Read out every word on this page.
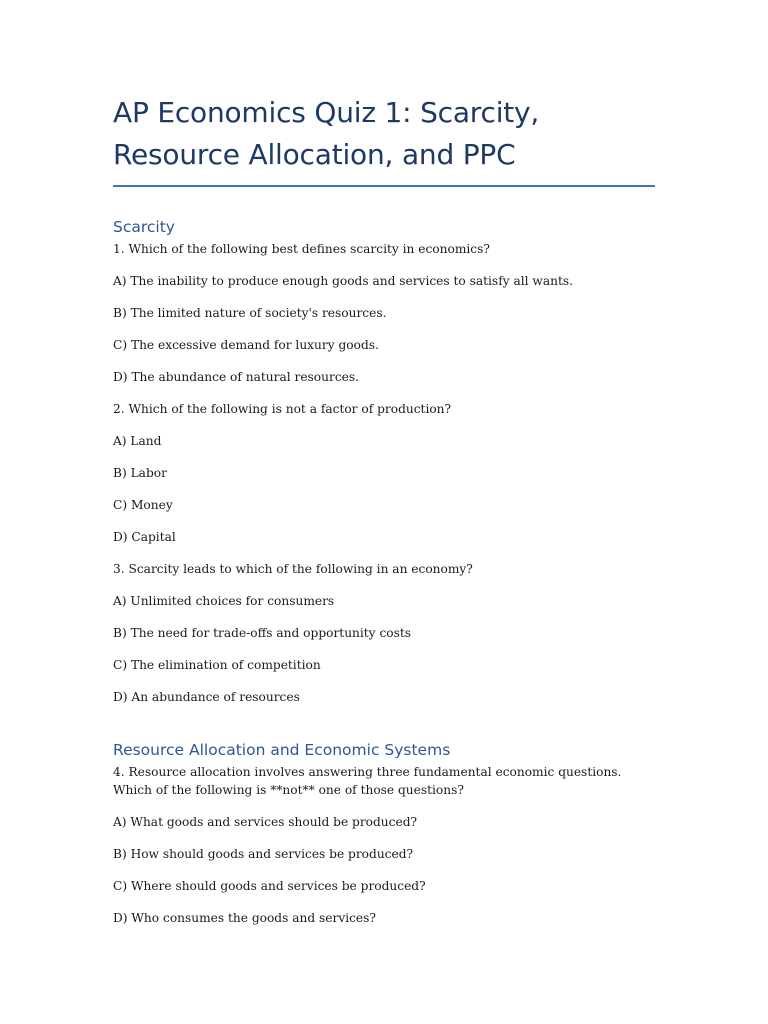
AP Economics Quiz 1: Scarcity, Resource Allocation, and PPC
Scarcity

1. Which of the following best defines scarcity in economics?

A) The inability to produce enough goods and services to satisfy all wants.

B) The limited nature of society's resources.

C) The excessive demand for luxury goods.

D) The abundance of natural resources.

2. Which of the following is not a factor of production?

A) Land

B) Labor

C) Money

D) Capital

3. Scarcity leads to which of the following in an economy?

A) Unlimited choices for consumers

B) The need for trade-offs and opportunity costs

C) The elimination of competition

D) An abundance of resources

Resource Allocation and Economic Systems

4. Resource allocation involves answering three fundamental economic questions. Which of the following is **not** one of those questions?

A) What goods and services should be produced?

B) How should goods and services be produced?

C) Where should goods and services be produced?

D) Who consumes the goods and services?
